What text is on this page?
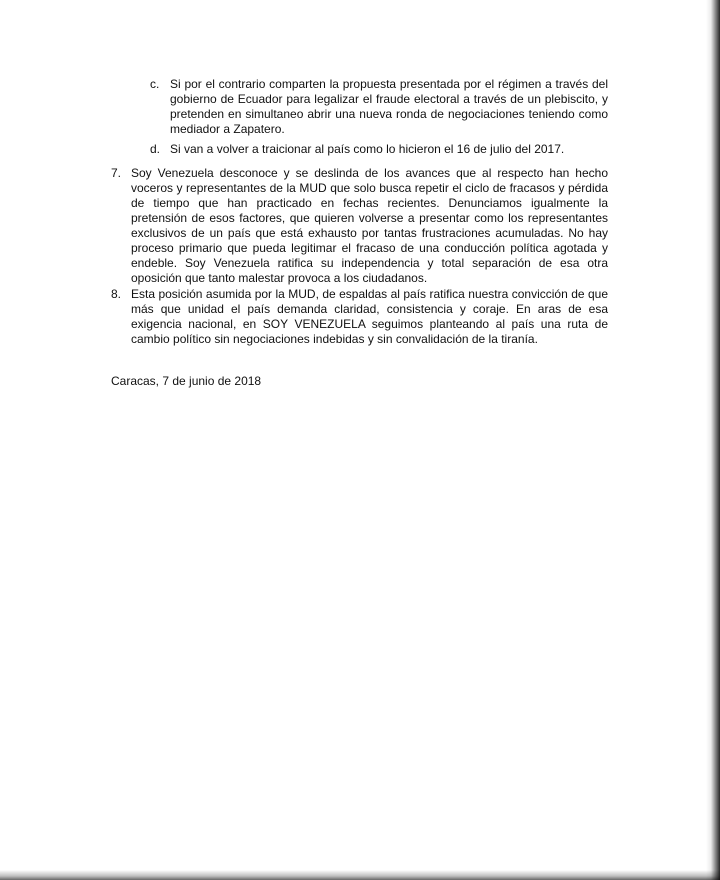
c. Si por el contrario comparten la propuesta presentada por el régimen a través del gobierno de Ecuador para legalizar el fraude electoral a través de un plebiscito, y pretenden en simultaneo abrir una nueva ronda de negociaciones teniendo como mediador a Zapatero.
d. Si van a volver a traicionar al país como lo hicieron el 16 de julio del 2017.
7. Soy Venezuela desconoce y se deslinda de los avances que al respecto han hecho voceros y representantes de la MUD que solo busca repetir el ciclo de fracasos y pérdida de tiempo que han practicado en fechas recientes. Denunciamos igualmente la pretensión de esos factores, que quieren volverse a presentar como los representantes exclusivos de un país que está exhausto por tantas frustraciones acumuladas. No hay proceso primario que pueda legitimar el fracaso de una conducción política agotada y endeble. Soy Venezuela ratifica su independencia y total separación de esa otra oposición que tanto malestar provoca a los ciudadanos.
8. Esta posición asumida por la MUD, de espaldas al país ratifica nuestra convicción de que más que unidad el país demanda claridad, consistencia y coraje. En aras de esa exigencia nacional, en SOY VENEZUELA seguimos planteando al país una ruta de cambio político sin negociaciones indebidas y sin convalidación de la tiranía.
Caracas, 7 de junio de 2018
